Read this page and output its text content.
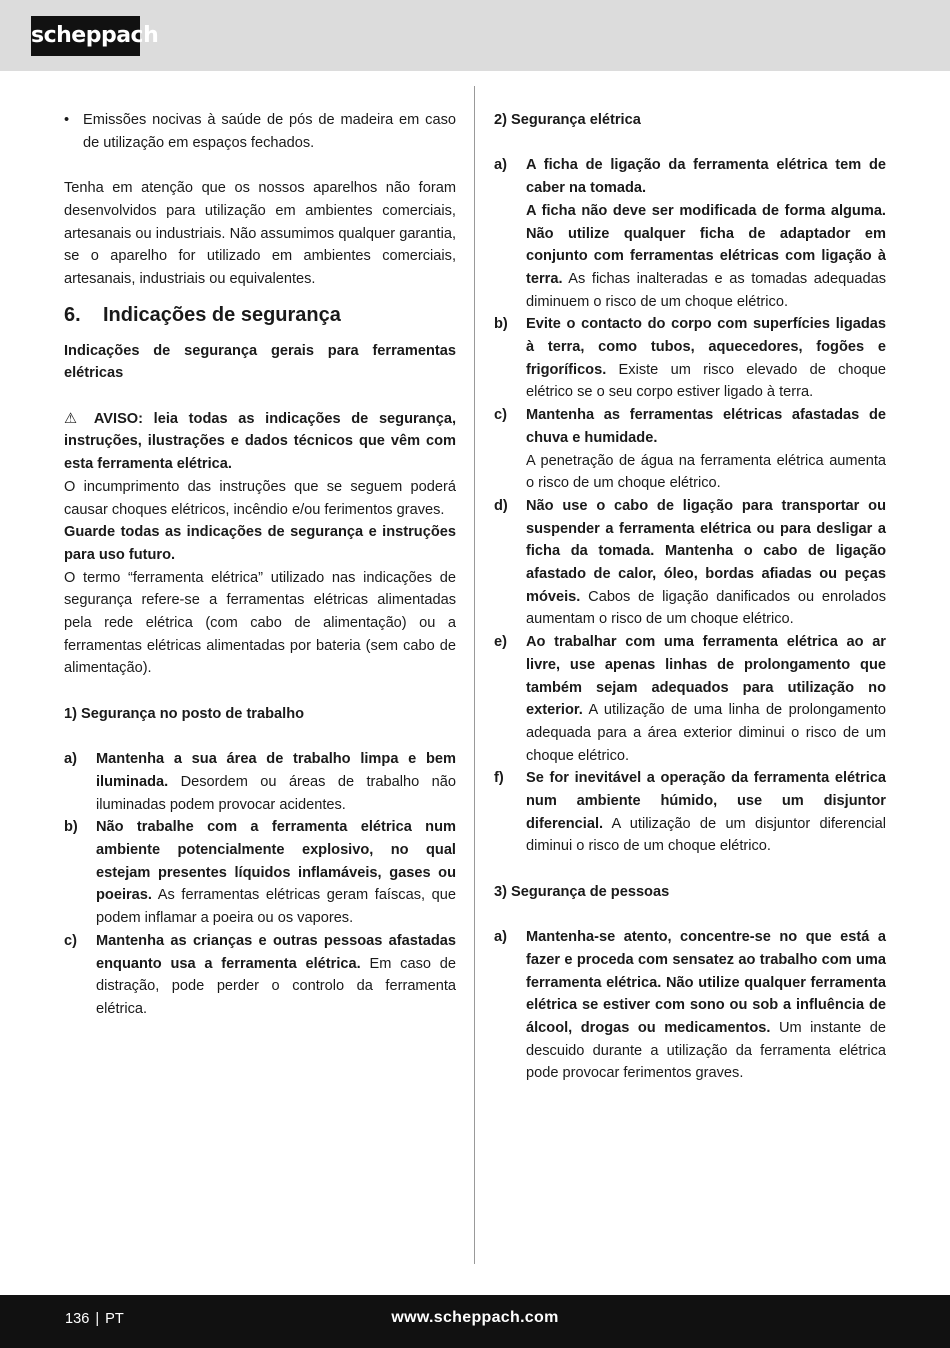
scheppach

• Emissões nocivas à saúde de pós de madeira em caso de utilização em espaços fechados.

Tenha em atenção que os nossos aparelhos não foram desenvolvidos para utilização em ambientes comerciais, artesanais ou industriais. Não assumimos qualquer garantia, se o aparelho for utilizado em ambientes comerciais, artesanais, industriais ou equivalentes.

6. Indicações de segurança

Indicações de segurança gerais para ferramentas elétricas

⚠ AVISO: leia todas as indicações de segurança, instruções, ilustrações e dados técnicos que vêm com esta ferramenta elétrica.

O incumprimento das instruções que se seguem poderá causar choques elétricos, incêndio e/ou ferimentos graves.

Guarde todas as indicações de segurança e instruções para uso futuro.

O termo “ferramenta elétrica” utilizado nas indicações de segurança refere-se a ferramentas elétricas alimentadas pela rede elétrica (com cabo de alimentação) ou a ferramentas elétricas alimentadas por bateria (sem cabo de alimentação).

1) Segurança no posto de trabalho

a) Mantenha a sua área de trabalho limpa e bem iluminada. Desordem ou áreas de trabalho não iluminadas podem provocar acidentes.

b) Não trabalhe com a ferramenta elétrica num ambiente potencialmente explosivo, no qual estejam presentes líquidos inflamáveis, gases ou poeiras. As ferramentas elétricas geram faíscas, que podem inflamar a poeira ou os vapores.

c) Mantenha as crianças e outras pessoas afastadas enquanto usa a ferramenta elétrica. Em caso de distração, pode perder o controlo da ferramenta elétrica.

2) Segurança elétrica

a) A ficha de ligação da ferramenta elétrica tem de caber na tomada.
A ficha não deve ser modificada de forma alguma. Não utilize qualquer ficha de adaptador em conjunto com ferramentas elétricas com ligação à terra. As fichas inalteradas e as tomadas adequadas diminuem o risco de um choque elétrico.

b) Evite o contacto do corpo com superfícies ligadas à terra, como tubos, aquecedores, fogões e frigoríficos. Existe um risco elevado de choque elétrico se o seu corpo estiver ligado à terra.

c) Mantenha as ferramentas elétricas afastadas de chuva e humidade.
A penetração de água na ferramenta elétrica aumenta o risco de um choque elétrico.

d) Não use o cabo de ligação para transportar ou suspender a ferramenta elétrica ou para desligar a ficha da tomada. Mantenha o cabo de ligação afastado de calor, óleo, bordas afiadas ou peças móveis. Cabos de ligação danificados ou enrolados aumentam o risco de um choque elétrico.

e) Ao trabalhar com uma ferramenta elétrica ao ar livre, use apenas linhas de prolongamento que também sejam adequados para utilização no exterior. A utilização de uma linha de prolongamento adequada para a área exterior diminui o risco de um choque elétrico.

f) Se for inevitável a operação da ferramenta elétrica num ambiente húmido, use um disjuntor diferencial. A utilização de um disjuntor diferencial diminui o risco de um choque elétrico.

3) Segurança de pessoas

a) Mantenha-se atento, concentre-se no que está a fazer e proceda com sensatez ao trabalho com uma ferramenta elétrica. Não utilize qualquer ferramenta elétrica se estiver com sono ou sob a influência de álcool, drogas ou medicamentos. Um instante de descuido durante a utilização da ferramenta elétrica pode provocar ferimentos graves.

136 | PT	www.scheppach.com
